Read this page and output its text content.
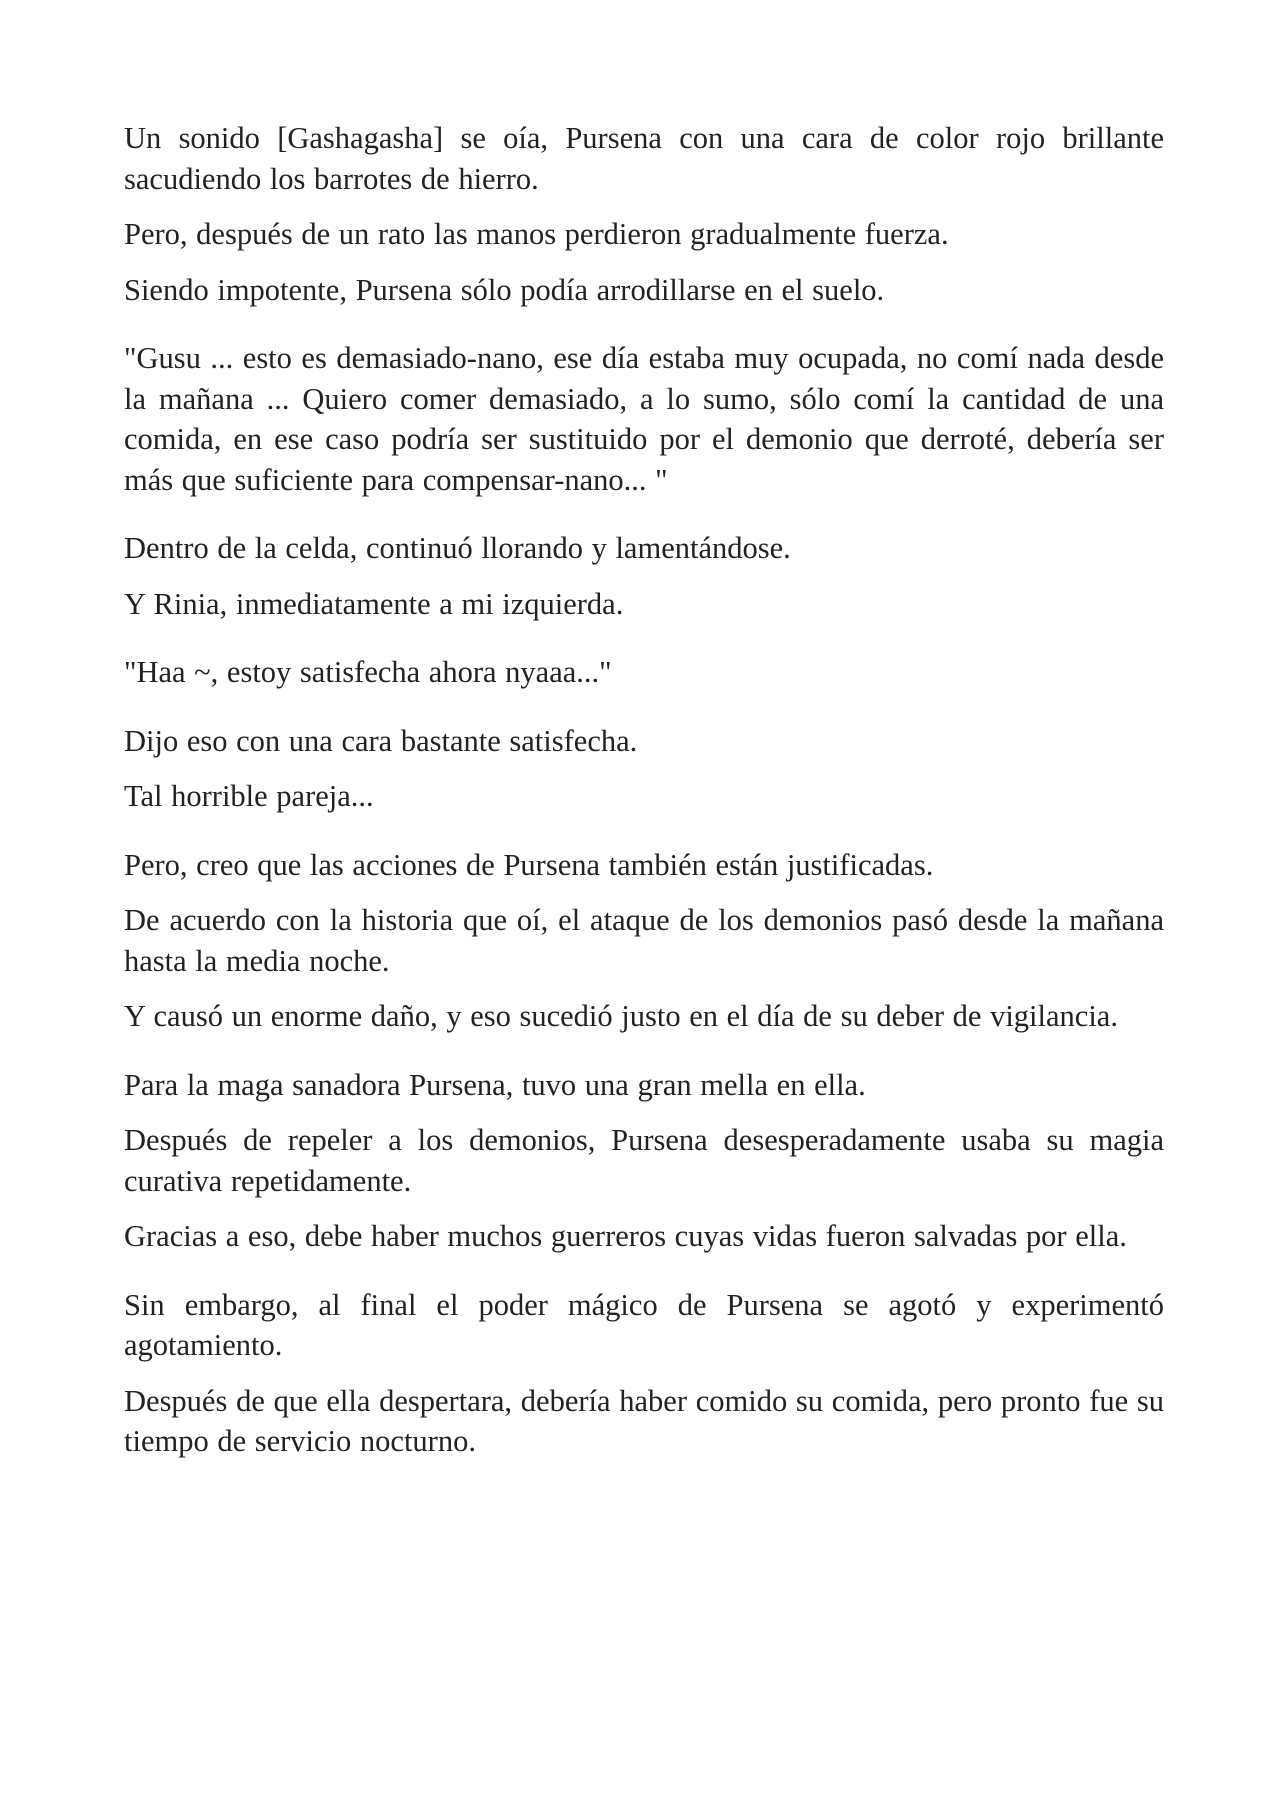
Un sonido [Gashagasha] se oía, Pursena con una cara de color rojo brillante sacudiendo los barrotes de hierro.

Pero, después de un rato las manos perdieron gradualmente fuerza.

Siendo impotente, Pursena sólo podía arrodillarse en el suelo.

"Gusu ... esto es demasiado-nano, ese día estaba muy ocupada, no comí nada desde la mañana ... Quiero comer demasiado, a lo sumo, sólo comí la cantidad de una comida, en ese caso podría ser sustituido por el demonio que derroté, debería ser más que suficiente para compensar-nano... "

Dentro de la celda, continuó llorando y lamentándose.

Y Rinia, inmediatamente a mi izquierda.

"Haa ~, estoy satisfecha ahora nyaaa..."

Dijo eso con una cara bastante satisfecha.

Tal horrible pareja...

Pero, creo que las acciones de Pursena también están justificadas.

De acuerdo con la historia que oí, el ataque de los demonios pasó desde la mañana hasta la media noche.

Y causó un enorme daño, y eso sucedió justo en el día de su deber de vigilancia.

Para la maga sanadora Pursena, tuvo una gran mella en ella.

Después de repeler a los demonios, Pursena desesperadamente usaba su magia curativa repetidamente.

Gracias a eso, debe haber muchos guerreros cuyas vidas fueron salvadas por ella.

Sin embargo, al final el poder mágico de Pursena se agotó y experimentó agotamiento.

Después de que ella despertara, debería haber comido su comida, pero pronto fue su tiempo de servicio nocturno.
